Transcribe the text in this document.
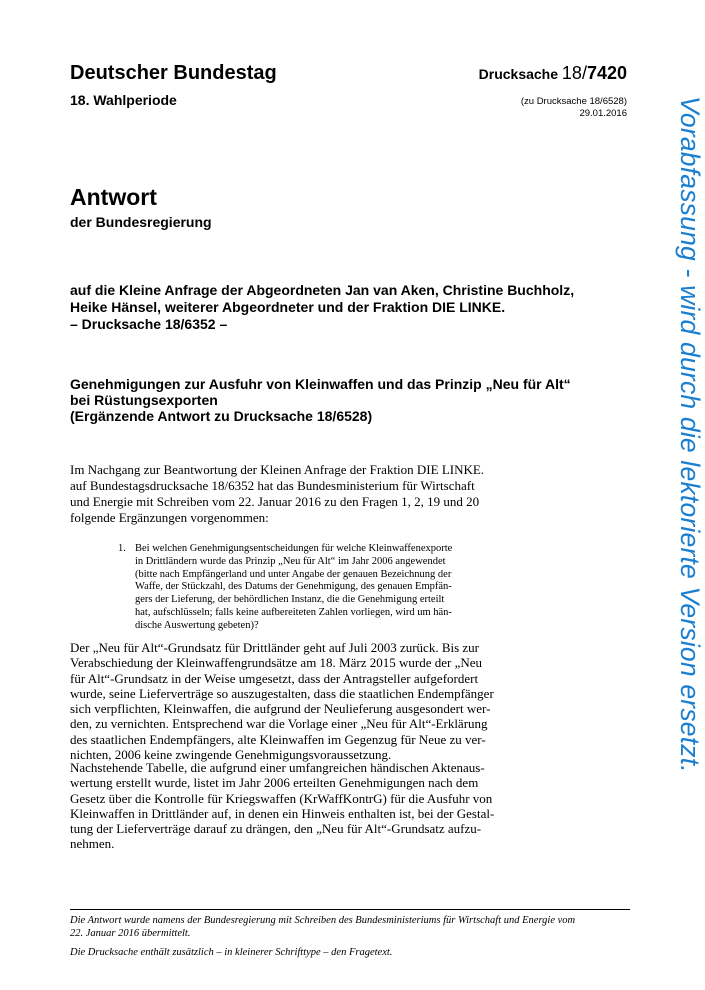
Deutscher Bundestag
18. Wahlperiode
Drucksache 18/7420
(zu Drucksache 18/6528)
29.01.2016
Antwort
der Bundesregierung
auf die Kleine Anfrage der Abgeordneten Jan van Aken, Christine Buchholz,
Heike Hänsel, weiterer Abgeordneter und der Fraktion DIE LINKE.
– Drucksache 18/6352 –
Genehmigungen zur Ausfuhr von Kleinwaffen und das Prinzip „Neu für Alt“
bei Rüstungsexporten
(Ergänzende Antwort zu Drucksache 18/6528)
Im Nachgang zur Beantwortung der Kleinen Anfrage der Fraktion DIE LINKE.
auf Bundestagsdrucksache 18/6352 hat das Bundesministerium für Wirtschaft
und Energie mit Schreiben vom 22. Januar 2016 zu den Fragen 1, 2, 19 und 20
folgende Ergänzungen vorgenommen:
1. Bei welchen Genehmigungsentscheidungen für welche Kleinwaffenexporte
in Drittländern wurde das Prinzip „Neu für Alt“ im Jahr 2006 angewendet
(bitte nach Empfängerland und unter Angabe der genauen Bezeichnung der
Waffe, der Stückzahl, des Datums der Genehmigung, des genauen Empfän-
gers der Lieferung, der behördlichen Instanz, die die Genehmigung erteilt
hat, aufschlüsseln; falls keine aufbereiteten Zahlen vorliegen, wird um hän-
dische Auswertung gebeten)?
Der „Neu für Alt“-Grundsatz für Drittländer geht auf Juli 2003 zurück. Bis zur
Verabschiedung der Kleinwaffengrundsätze am 18. März 2015 wurde der „Neu
für Alt“-Grundsatz in der Weise umgesetzt, dass der Antragsteller aufgefordert
wurde, seine Lieferverträge so auszugestalten, dass die staatlichen Endempfänger
sich verpflichten, Kleinwaffen, die aufgrund der Neulieferung ausgesondert wer-
den, zu vernichten. Entsprechend war die Vorlage einer „Neu für Alt“-Erklärung
des staatlichen Endempfängers, alte Kleinwaffen im Gegenzug für Neue zu ver-
nichten, 2006 keine zwingende Genehmigungsvoraussetzung.
Nachstehende Tabelle, die aufgrund einer umfangreichen händischen Aktenaus-
wertung erstellt wurde, listet im Jahr 2006 erteilten Genehmigungen nach dem
Gesetz über die Kontrolle für Kriegswaffen (KrWaffKontrG) für die Ausfuhr von
Kleinwaffen in Drittländer auf, in denen ein Hinweis enthalten ist, bei der Gestal-
tung der Lieferverträge darauf zu drängen, den „Neu für Alt“-Grundsatz aufzu-
nehmen.
Die Antwort wurde namens der Bundesregierung mit Schreiben des Bundesministeriums für Wirtschaft und Energie vom
22. Januar 2016 übermittelt.
Die Drucksache enthält zusätzlich – in kleinerer Schrifttype – den Fragetext.
Vorabfassung - wird durch die lektorierte Version ersetzt.
